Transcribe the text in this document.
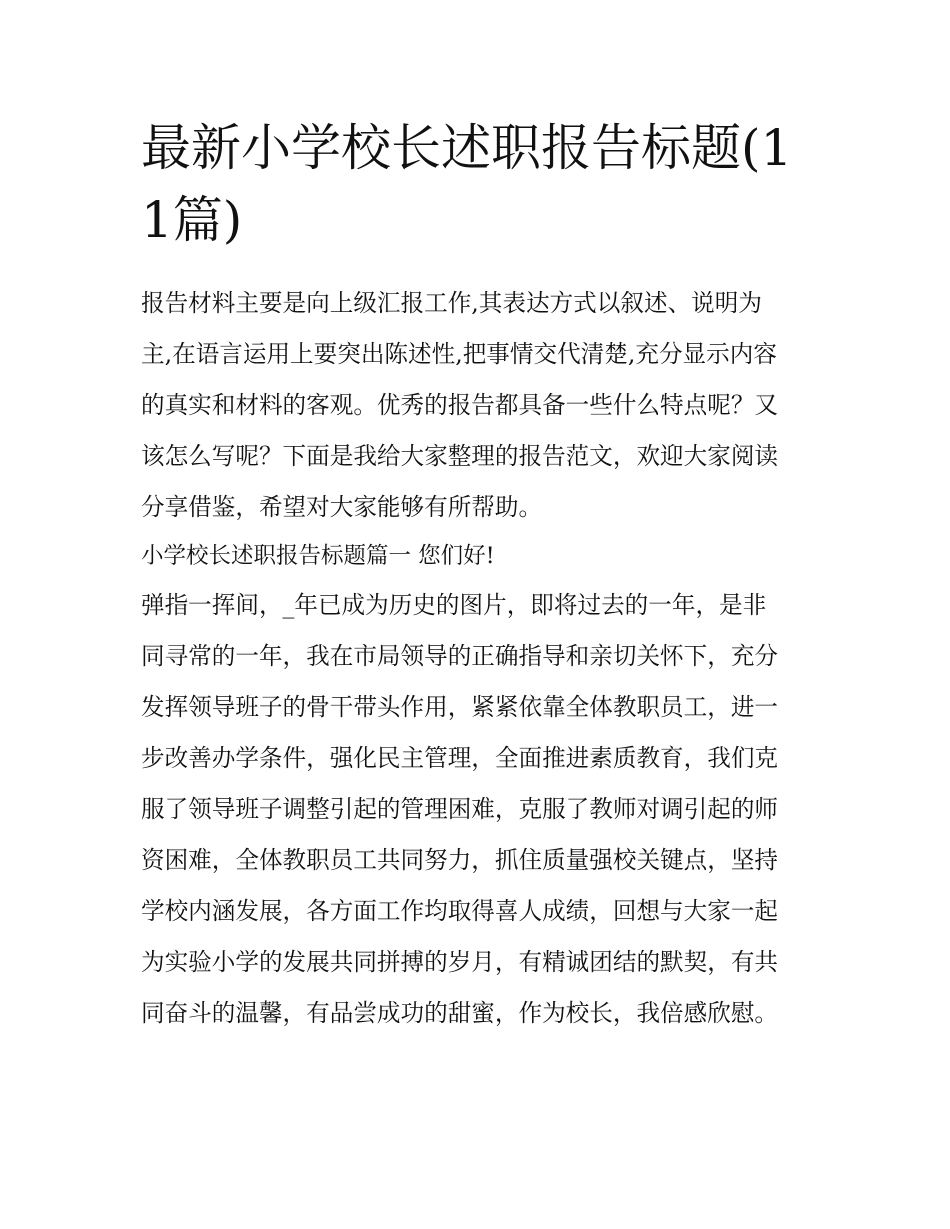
最新小学校长述职报告标题(11篇)

报告材料主要是向上级汇报工作,其表达方式以叙述、说明为
主,在语言运用上要突出陈述性,把事情交代清楚,充分显示内容
的真实和材料的客观。优秀的报告都具备一些什么特点呢？又
该怎么写呢？下面是我给大家整理的报告范文，欢迎大家阅读
分享借鉴，希望对大家能够有所帮助。

小学校长述职报告标题篇一 您们好!

弹指一挥间，_年已成为历史的图片，即将过去的一年，是非
同寻常的一年，我在市局领导的正确指导和亲切关怀下，充分
发挥领导班子的骨干带头作用，紧紧依靠全体教职员工，进一
步改善办学条件，强化民主管理，全面推进素质教育，我们克
服了领导班子调整引起的管理困难，克服了教师对调引起的师
资困难，全体教职员工共同努力，抓住质量强校关键点，坚持
学校内涵发展，各方面工作均取得喜人成绩，回想与大家一起
为实验小学的发展共同拼搏的岁月，有精诚团结的默契，有共
同奋斗的温馨，有品尝成功的甜蜜，作为校长，我倍感欣慰。
